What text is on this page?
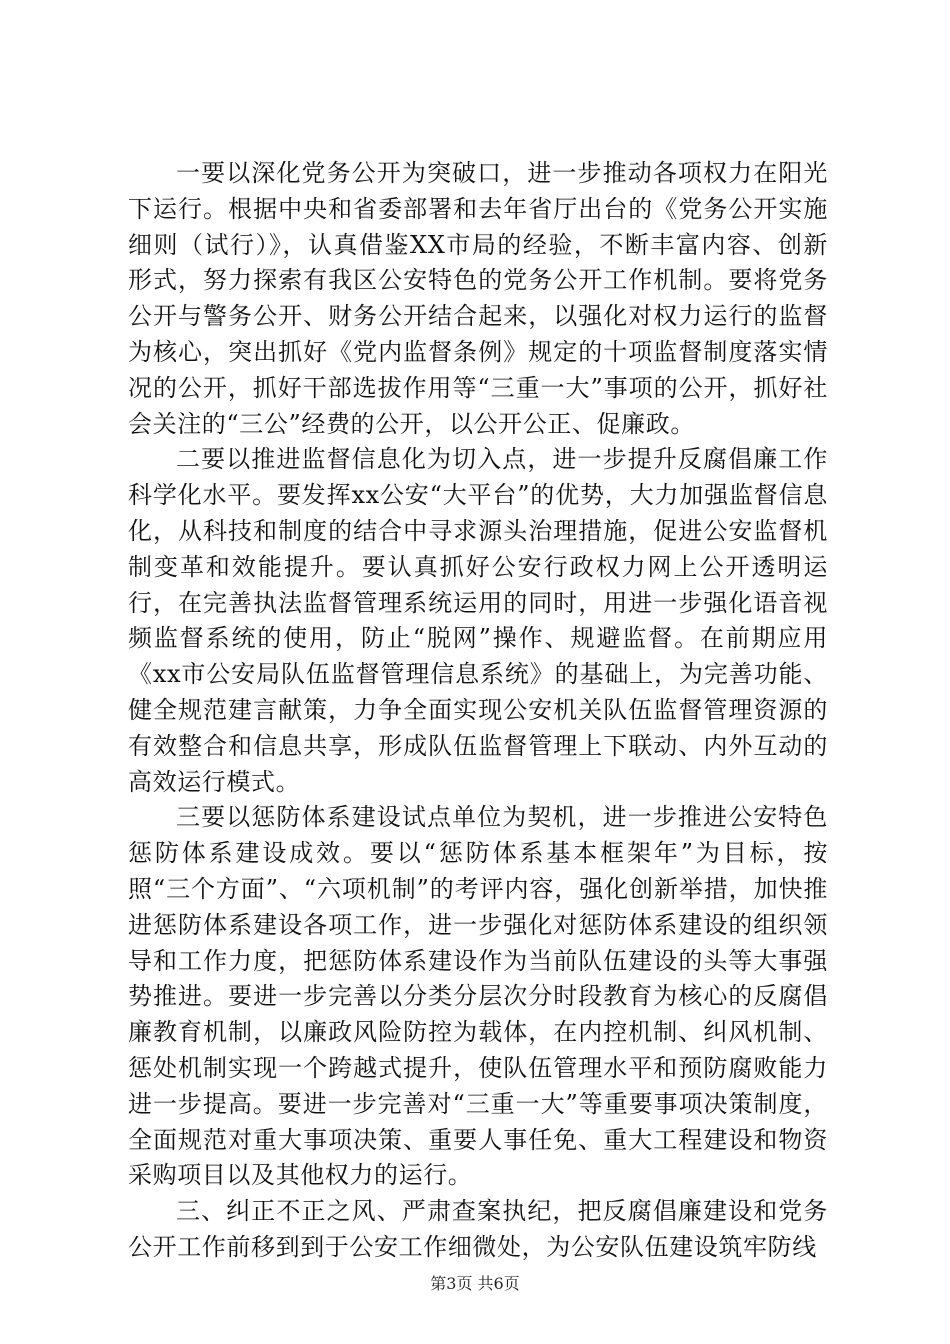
一要以深化党务公开为突破口，进一步推动各项权力在阳光下运行。根据中央和省委部署和去年省厅出台的《党务公开实施细则（试行）》，认真借鉴XX市局的经验，不断丰富内容、创新形式，努力探索有我区公安特色的党务公开工作机制。要将党务公开与警务公开、财务公开结合起来，以强化对权力运行的监督为核心，突出抓好《党内监督条例》规定的十项监督制度落实情况的公开，抓好干部选拔作用等“三重一大”事项的公开，抓好社会关注的“三公”经费的公开，以公开公正、促廉政。

二要以推进监督信息化为切入点，进一步提升反腐倡廉工作科学化水平。要发挥xx公安“大平台”的优势，大力加强监督信息化，从科技和制度的结合中寻求源头治理措施，促进公安监督机制变革和效能提升。要认真抓好公安行政权力网上公开透明运行，在完善执法监督管理系统运用的同时，用进一步强化语音视频监督系统的使用，防止“脱网”操作、规避监督。在前期应用《xx市公安局队伍监督管理信息系统》的基础上，为完善功能、健全规范建言献策，力争全面实现公安机关队伍监督管理资源的有效整合和信息共享，形成队伍监督管理上下联动、内外互动的高效运行模式。

三要以惩防体系建设试点单位为契机，进一步推进公安特色惩防体系建设成效。要以“惩防体系基本框架年”为目标，按照“三个方面”、“六项机制”的考评内容，强化创新举措，加快推进惩防体系建设各项工作，进一步强化对惩防体系建设的组织领导和工作力度，把惩防体系建设作为当前队伍建设的头等大事强势推进。要进一步完善以分类分层次分时段教育为核心的反腐倡廉教育机制，以廉政风险防控为载体，在内控机制、纠风机制、惩处机制实现一个跨越式提升，使队伍管理水平和预防腐败能力进一步提高。要进一步完善对“三重一大”等重要事项决策制度，全面规范对重大事项决策、重要人事任免、重大工程建设和物资采购项目以及其他权力的运行。

三、纠正不正之风、严肃查案执纪，把反腐倡廉建设和党务公开工作前移到到于公安工作细微处，为公安队伍建设筑牢防线

第3页 共6页
